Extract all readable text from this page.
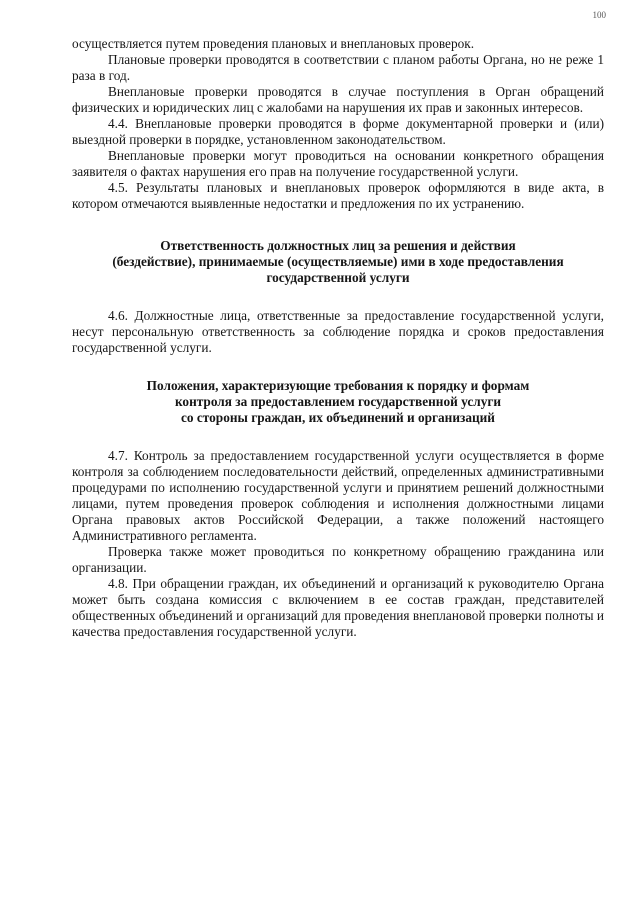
100

осуществляется путем проведения плановых и внеплановых проверок.

Плановые проверки проводятся в соответствии с планом работы Органа, но не реже 1 раза в год.

Внеплановые проверки проводятся в случае поступления в Орган обращений физических и юридических лиц с жалобами на нарушения их прав и законных интересов.

4.4. Внеплановые проверки проводятся в форме документарной проверки и (или) выездной проверки в порядке, установленном законодательством.

Внеплановые проверки могут проводиться на основании конкретного обращения заявителя о фактах нарушения его прав на получение государственной услуги.

4.5. Результаты плановых и внеплановых проверок оформляются в виде акта, в котором отмечаются выявленные недостатки и предложения по их устранению.

Ответственность должностных лиц за решения и действия

(бездействие), принимаемые (осуществляемые) ими в ходе предоставления

государственной услуги

4.6. Должностные лица, ответственные за предоставление государственной услуги, несут персональную ответственность за соблюдение порядка и сроков предоставления государственной услуги.

Положения, характеризующие требования к порядку и формам

контроля за предоставлением государственной услуги

со стороны граждан, их объединений и организаций

4.7. Контроль за предоставлением государственной услуги осуществляется в форме контроля за соблюдением последовательности действий, определенных административными процедурами по исполнению государственной услуги и принятием решений должностными лицами, путем проведения проверок соблюдения и исполнения должностными лицами Органа правовых актов Российской Федерации, а также положений настоящего Административного регламента.

Проверка также может проводиться по конкретному обращению гражданина или организации.

4.8. При обращении граждан, их объединений и организаций к руководителю Органа может быть создана комиссия с включением в ее состав граждан, представителей общественных объединений и организаций для проведения внеплановой проверки полноты и качества предоставления государственной услуги.
